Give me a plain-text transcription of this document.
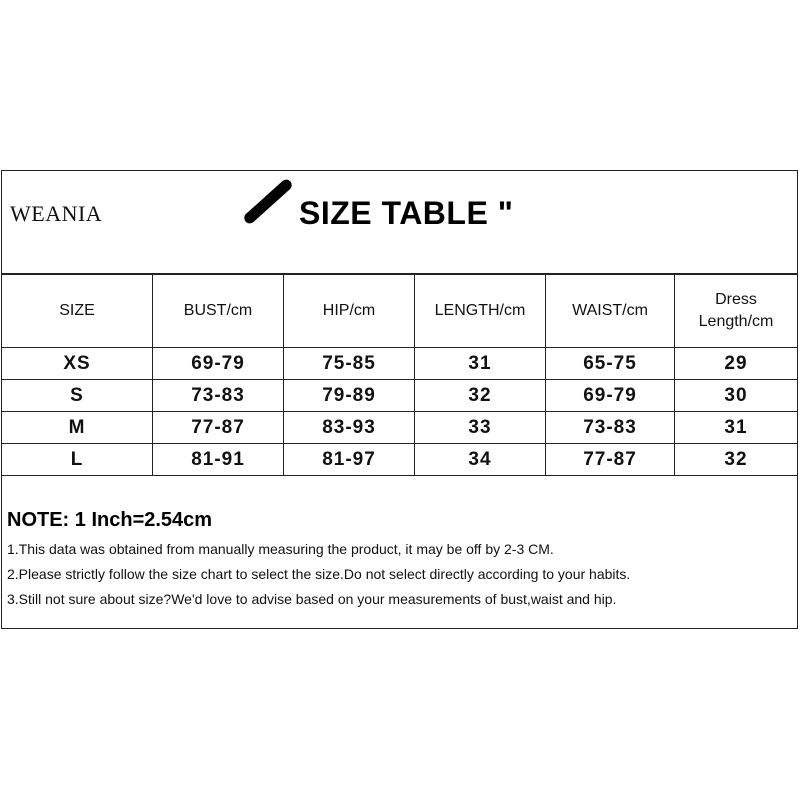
WEANIA	SIZE TABLE "
SIZE	BUST/cm	HIP/cm	LENGTH/cm	WAIST/cm	Dress
Length/cm
XS	69-79	75-85	31	65-75	29
S	73-83	79-89	32	69-79	30
M	77-87	83-93	33	73-83	31
L	81-91	81-97	34	77-87	32
NOTE: 1 Inch=2.54cm
1.This data was obtained from manually measuring the product, it may be off by 2-3 CM.
2.Please strictly follow the size chart to select the size.Do not select directly according to your habits.
3.Still not sure about size?We'd love to advise based on your measurements of bust,waist and hip.
